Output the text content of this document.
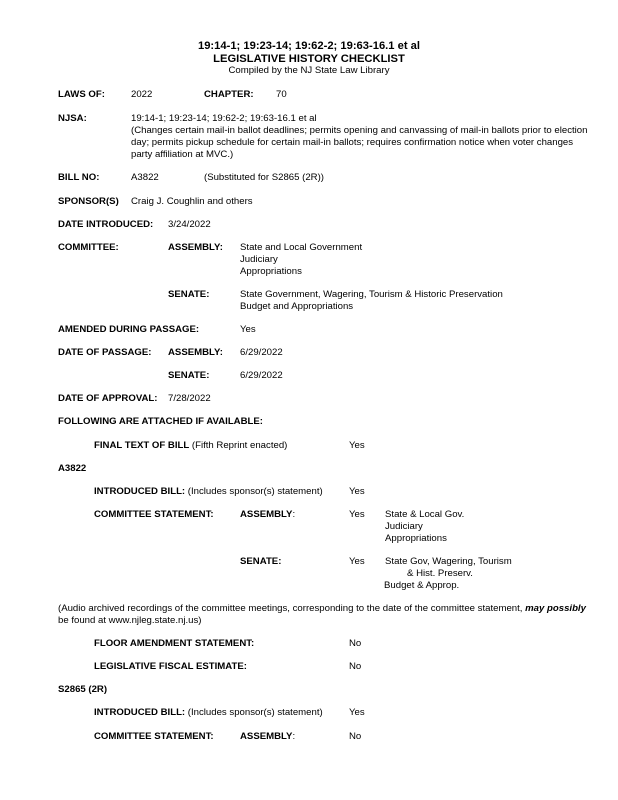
19:14-1; 19:23-14; 19:62-2; 19:63-16.1 et al
LEGISLATIVE HISTORY CHECKLIST
Compiled by the NJ State Law Library
LAWS OF:	2022	CHAPTER: 70
NJSA:	19:14-1; 19:23-14; 19:62-2; 19:63-16.1 et al
(Changes certain mail-in ballot deadlines; permits opening and canvassing of mail-in ballots prior to election
day; permits pickup schedule for certain mail-in ballots; requires confirmation notice when voter changes
party affiliation at MVC.)
BILL NO:	A3822	(Substituted for S2865 (2R))
SPONSOR(S) Craig J. Coughlin and others
DATE INTRODUCED: 3/24/2022
COMMITTEE:	ASSEMBLY: State and Local Government
Judiciary
Appropriations
SENATE:	State Government, Wagering, Tourism & Historic Preservation
Budget and Appropriations
AMENDED DURING PASSAGE:	Yes
DATE OF PASSAGE: ASSEMBLY: 6/29/2022
SENATE:	6/29/2022
DATE OF APPROVAL: 7/28/2022
FOLLOWING ARE ATTACHED IF AVAILABLE:
FINAL TEXT OF BILL (Fifth Reprint enacted)	Yes
A3822
INTRODUCED BILL: (Includes sponsor(s) statement)	Yes
COMMITTEE STATEMENT:	ASSEMBLY:	Yes State & Local Gov.
Judiciary
Appropriations
SENATE:	Yes State Gov, Wagering, Tourism
& Hist. Preserv.
Budget & Approp.
(Audio archived recordings of the committee meetings, corresponding to the date of the committee statement, may possibly
be found at www.njleg.state.nj.us)
FLOOR AMENDMENT STATEMENT:	No
LEGISLATIVE FISCAL ESTIMATE:	No
S2865 (2R)
INTRODUCED BILL: (Includes sponsor(s) statement)	Yes
COMMITTEE STATEMENT:	ASSEMBLY:	No
